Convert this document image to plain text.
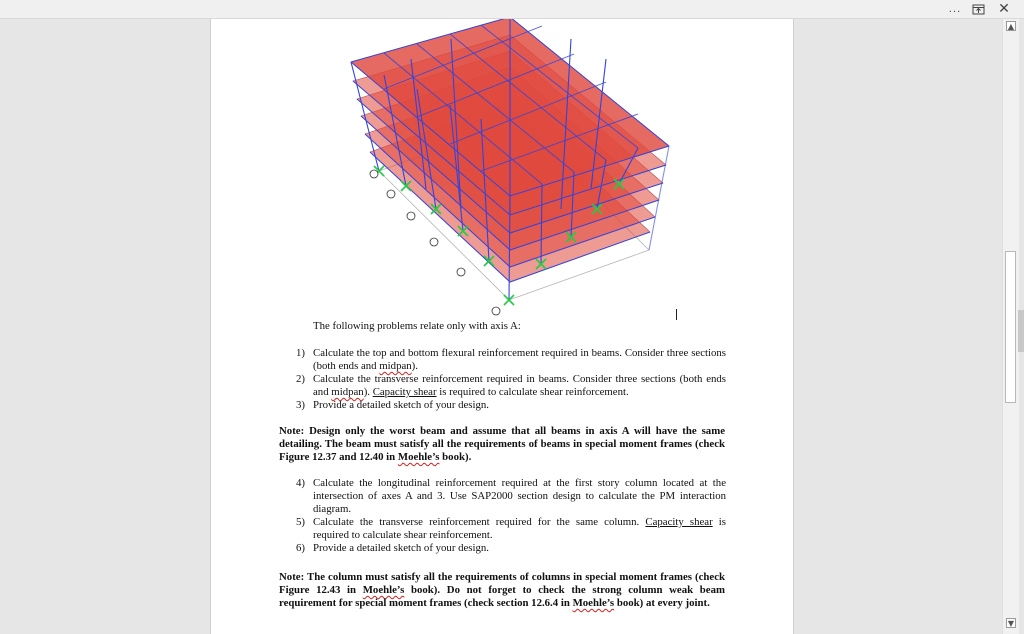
...	✕
The following problems relate only with axis A:
1) Calculate the top and bottom flexural reinforcement required in beams. Consider three sections (both ends and midpan).
2) Calculate the transverse reinforcement required in beams. Consider three sections (both ends and midpan). Capacity shear is required to calculate shear reinforcement.
3) Provide a detailed sketch of your design.
Note: Design only the worst beam and assume that all beams in axis A will have the same detailing. The beam must satisfy all the requirements of beams in special moment frames (check Figure 12.37 and 12.40 in Moehle’s book).
4) Calculate the longitudinal reinforcement required at the first story column located at the intersection of axes A and 3. Use SAP2000 section design to calculate the PM interaction diagram.
5) Calculate the transverse reinforcement required for the same column. Capacity shear is required to calculate shear reinforcement.
6) Provide a detailed sketch of your design.
Note: The column must satisfy all the requirements of columns in special moment frames (check Figure 12.43 in Moehle’s book). Do not forget to check the strong column weak beam requirement for special moment frames (check section 12.6.4 in Moehle’s book) at every joint.
▲
▼
